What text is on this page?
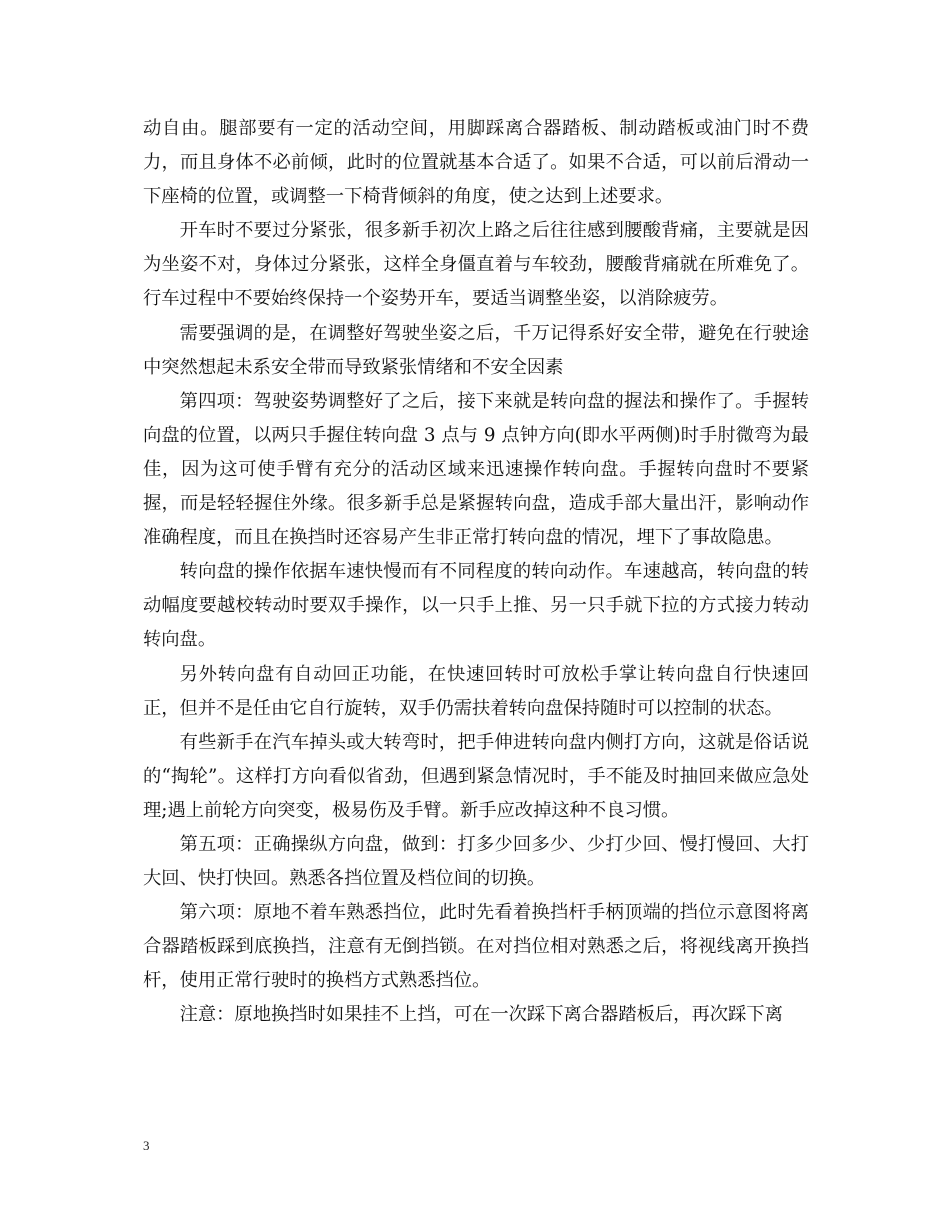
动自由。腿部要有一定的活动空间，用脚踩离合器踏板、制动踏板或油门时不费力，而且身体不必前倾，此时的位置就基本合适了。如果不合适，可以前后滑动一下座椅的位置，或调整一下椅背倾斜的角度，使之达到上述要求。

开车时不要过分紧张，很多新手初次上路之后往往感到腰酸背痛，主要就是因为坐姿不对，身体过分紧张，这样全身僵直着与车较劲，腰酸背痛就在所难免了。行车过程中不要始终保持一个姿势开车，要适当调整坐姿，以消除疲劳。

需要强调的是，在调整好驾驶坐姿之后，千万记得系好安全带，避免在行驶途中突然想起未系安全带而导致紧张情绪和不安全因素

第四项：驾驶姿势调整好了之后，接下来就是转向盘的握法和操作了。手握转向盘的位置，以两只手握住转向盘 3 点与 9 点钟方向(即水平两侧)时手肘微弯为最佳，因为这可使手臂有充分的活动区域来迅速操作转向盘。手握转向盘时不要紧握，而是轻轻握住外缘。很多新手总是紧握转向盘，造成手部大量出汗，影响动作准确程度，而且在换挡时还容易产生非正常打转向盘的情况，埋下了事故隐患。

转向盘的操作依据车速快慢而有不同程度的转向动作。车速越高，转向盘的转动幅度要越校转动时要双手操作，以一只手上推、另一只手就下拉的方式接力转动转向盘。

另外转向盘有自动回正功能，在快速回转时可放松手掌让转向盘自行快速回正，但并不是任由它自行旋转，双手仍需扶着转向盘保持随时可以控制的状态。

有些新手在汽车掉头或大转弯时，把手伸进转向盘内侧打方向，这就是俗话说的“掏轮”。这样打方向看似省劲，但遇到紧急情况时，手不能及时抽回来做应急处理;遇上前轮方向突变，极易伤及手臂。新手应改掉这种不良习惯。

第五项：正确操纵方向盘，做到：打多少回多少、少打少回、慢打慢回、大打大回、快打快回。熟悉各挡位置及档位间的切换。

第六项：原地不着车熟悉挡位，此时先看着换挡杆手柄顶端的挡位示意图将离合器踏板踩到底换挡，注意有无倒挡锁。在对挡位相对熟悉之后，将视线离开换挡杆，使用正常行驶时的换档方式熟悉挡位。

注意：原地换挡时如果挂不上挡，可在一次踩下离合器踏板后，再次踩下离

3
